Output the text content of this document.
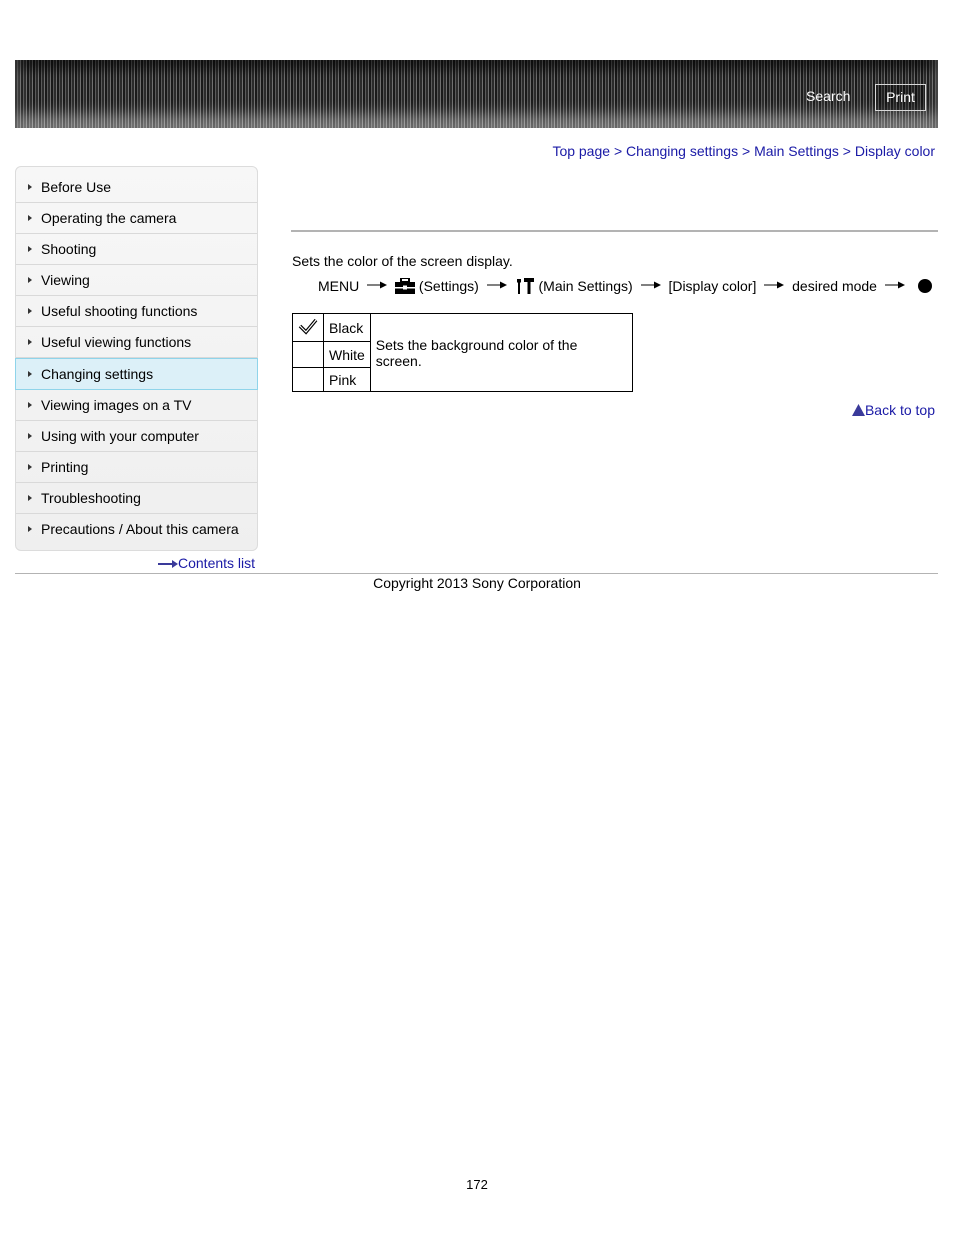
Search	Print
Top page > Changing settings > Main Settings > Display color
Before Use
Operating the camera
Shooting
Viewing
Useful shooting functions
Useful viewing functions
Changing settings
Viewing images on a TV
Using with your computer
Printing
Troubleshooting
Precautions / About this camera
Contents list
Sets the color of the screen display.
MENU	(Settings)	(Main Settings)	[Display color]	desired mode
	Black	Sets the background color of the screen.
	White	
	Pink	
Back to top
Copyright 2013 Sony Corporation
172
